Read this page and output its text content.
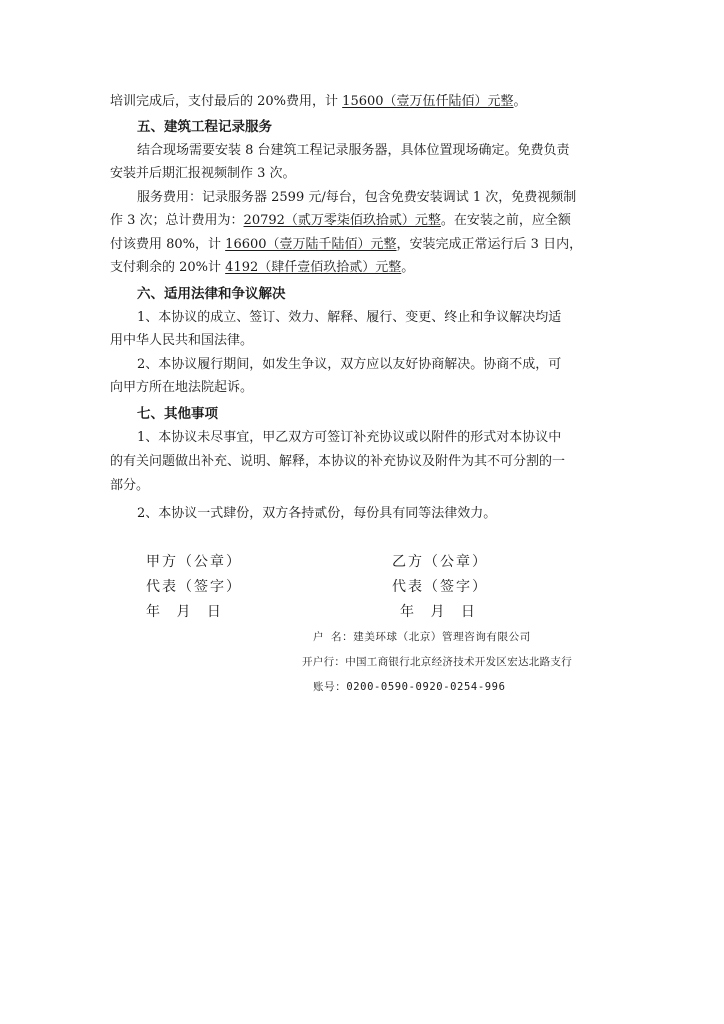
培训完成后，支付最后的 20%费用，计 15600（壹万伍仟陆佰）元整。
五、建筑工程记录服务
结合现场需要安装 8 台建筑工程记录服务器，具体位置现场确定。免费负责
安装并后期汇报视频制作 3 次。
服务费用：记录服务器 2599 元/每台，包含免费安装调试 1 次，免费视频制
作 3 次；总计费用为：20792（贰万零柒佰玖拾贰）元整。在安装之前，应全额
付该费用 80%，计 16600（壹万陆千陆佰）元整，安装完成正常运行后 3 日内，
支付剩余的 20%计 4192（肆仟壹佰玖拾贰）元整。
六、适用法律和争议解决
1、本协议的成立、签订、效力、解释、履行、变更、终止和争议解决均适
用中华人民共和国法律。
2、本协议履行期间，如发生争议，双方应以友好协商解决。协商不成，可
向甲方所在地法院起诉。
七、其他事项
1、本协议未尽事宜，甲乙双方可签订补充协议或以附件的形式对本协议中
的有关问题做出补充、说明、解释，本协议的补充协议及附件为其不可分割的一
部分。
2、本协议一式肆份，双方各持贰份，每份具有同等法律效力。
甲方（公章）
代表（签字）
年 月 日
乙方（公章）
代表（签字）
年 月 日
户 名：建美环球（北京）管理咨询有限公司
开户行：中国工商银行北京经济技术开发区宏达北路支行
账号：0200-0590-0920-0254-996
